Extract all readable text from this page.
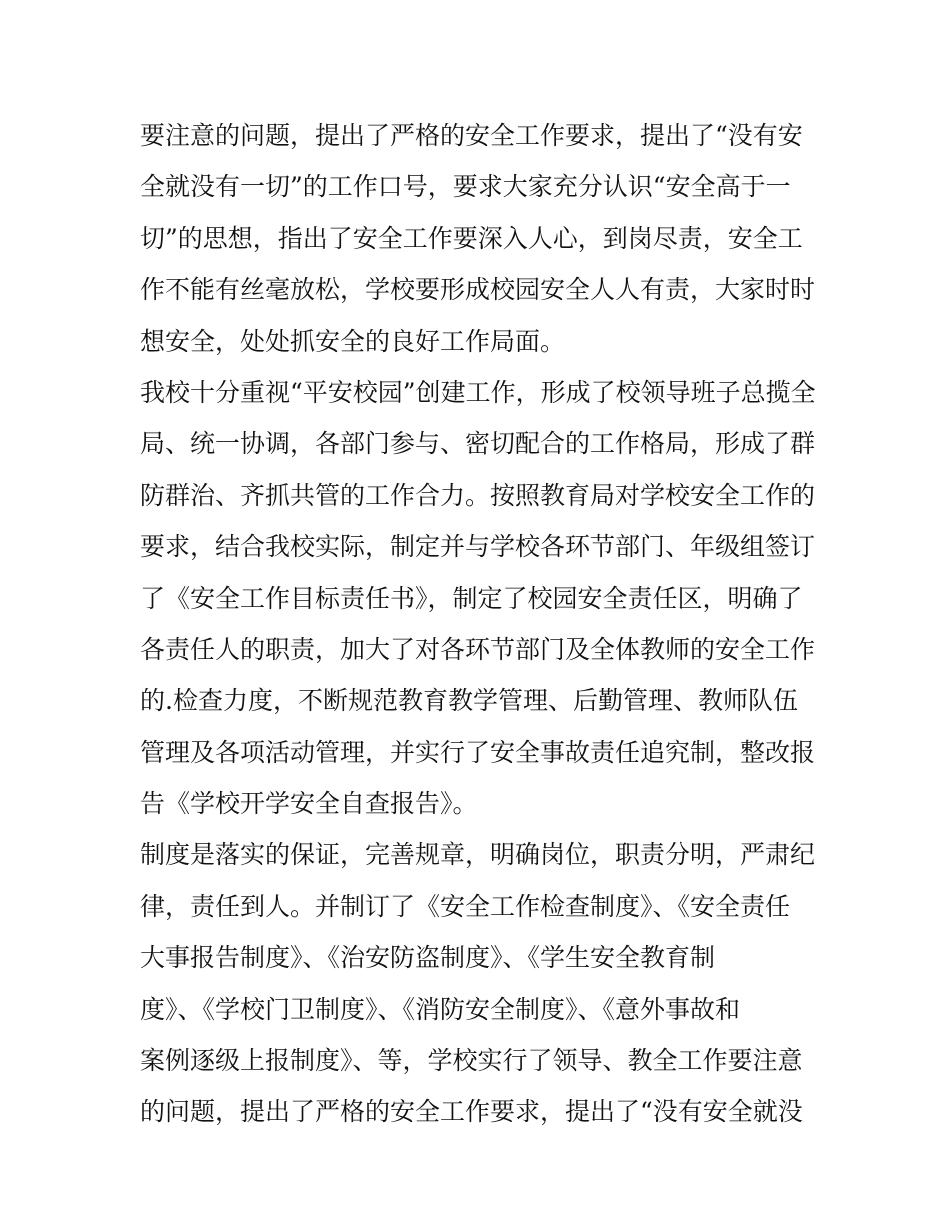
要注意的问题，提出了严格的安全工作要求，提出了“没有安
全就没有一切”的工作口号，要求大家充分认识“安全高于一
切”的思想，指出了安全工作要深入人心，到岗尽责，安全工
作不能有丝毫放松，学校要形成校园安全人人有责，大家时时
想安全，处处抓安全的良好工作局面。
我校十分重视“平安校园”创建工作，形成了校领导班子总揽全
局、统一协调，各部门参与、密切配合的工作格局，形成了群
防群治、齐抓共管的工作合力。按照教育局对学校安全工作的
要求，结合我校实际，制定并与学校各环节部门、年级组签订
了《安全工作目标责任书》，制定了校园安全责任区，明确了
各责任人的职责，加大了对各环节部门及全体教师的安全工作
的.检查力度，不断规范教育教学管理、后勤管理、教师队伍
管理及各项活动管理，并实行了安全事故责任追究制，整改报
告《学校开学安全自查报告》。
制度是落实的保证，完善规章，明确岗位，职责分明，严肃纪
律，责任到人。并制订了《安全工作检查制度》、《安全责任
大事报告制度》、《治安防盗制度》、《学生安全教育制
度》、《学校门卫制度》、《消防安全制度》、《意外事故和
案例逐级上报制度》、等，学校实行了领导、教全工作要注意
的问题，提出了严格的安全工作要求，提出了“没有安全就没
